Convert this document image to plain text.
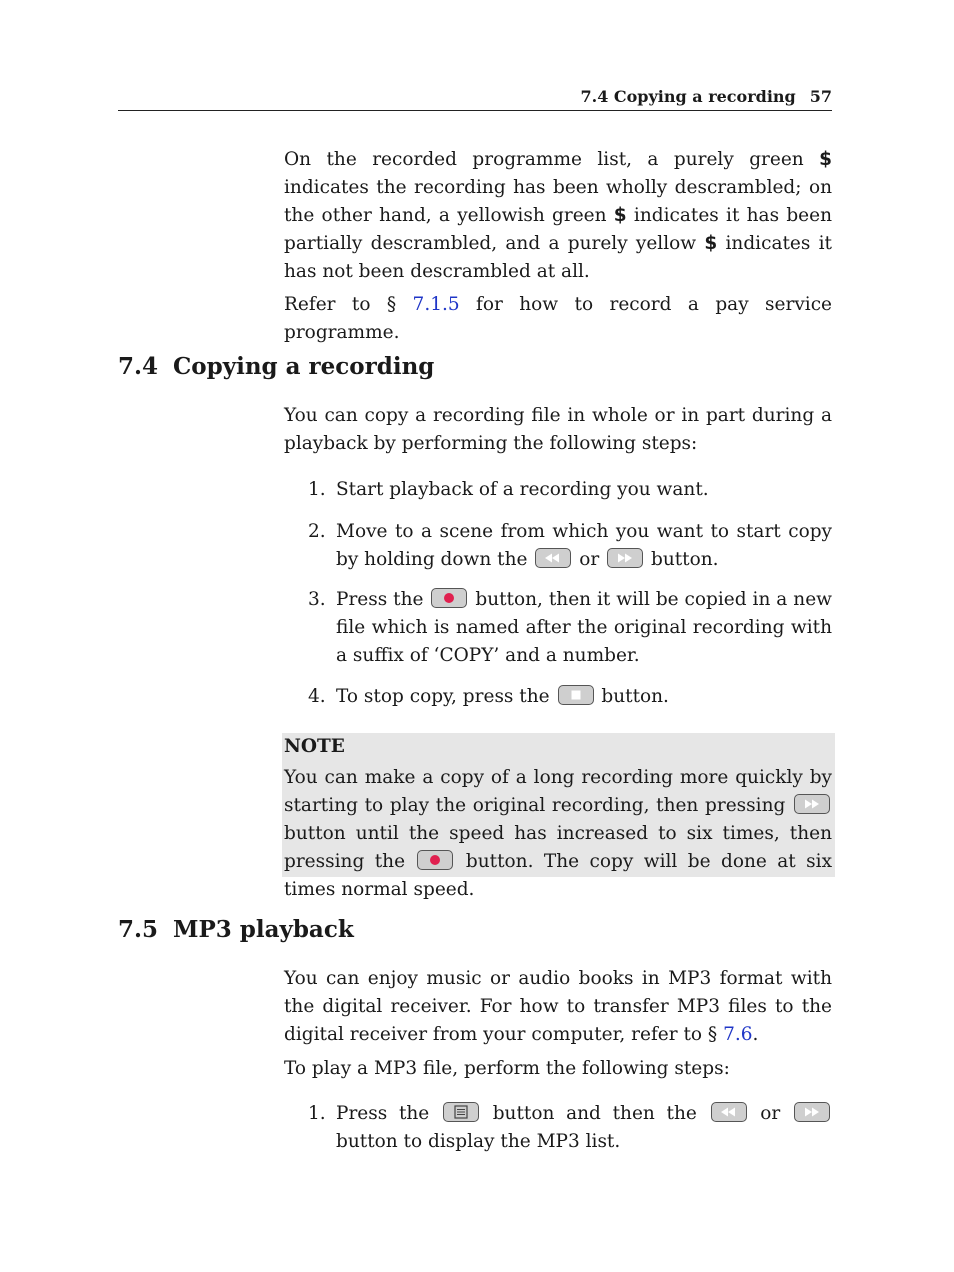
7.4 Copying a recording 57

On the recorded programme list, a purely green $ indicates the recording has been wholly descrambled; on the other hand, a yellowish green $ indicates it has been partially descrambled, and a purely yellow $ indicates it has not been descrambled at all.

Refer to § 7.1.5 for how to record a pay service programme.

7.4 Copying a recording

You can copy a recording file in whole or in part during a playback by performing the following steps:

1. Start playback of a recording you want.
2. Move to a scene from which you want to start copy by holding down the
or
button.
3. Press the
button, then it will be copied in a new file which is named after the original recording with a suffix of ‘COPY’ and a number.
4. To stop copy, press the
button.
NOTE
You can make a copy of a long recording more quickly by starting to play the original recording, then pressing
button until the speed has increased to six times, then pressing the
button. The copy will be done at six times normal speed.
7.5 MP3 playback

You can enjoy music or audio books in MP3 format with the digital receiver. For how to transfer MP3 files to the digital receiver from your computer, refer to § 7.6.

To play a MP3 file, perform the following steps:

1. Press the
button and then the
or
button to display the MP3 list.
